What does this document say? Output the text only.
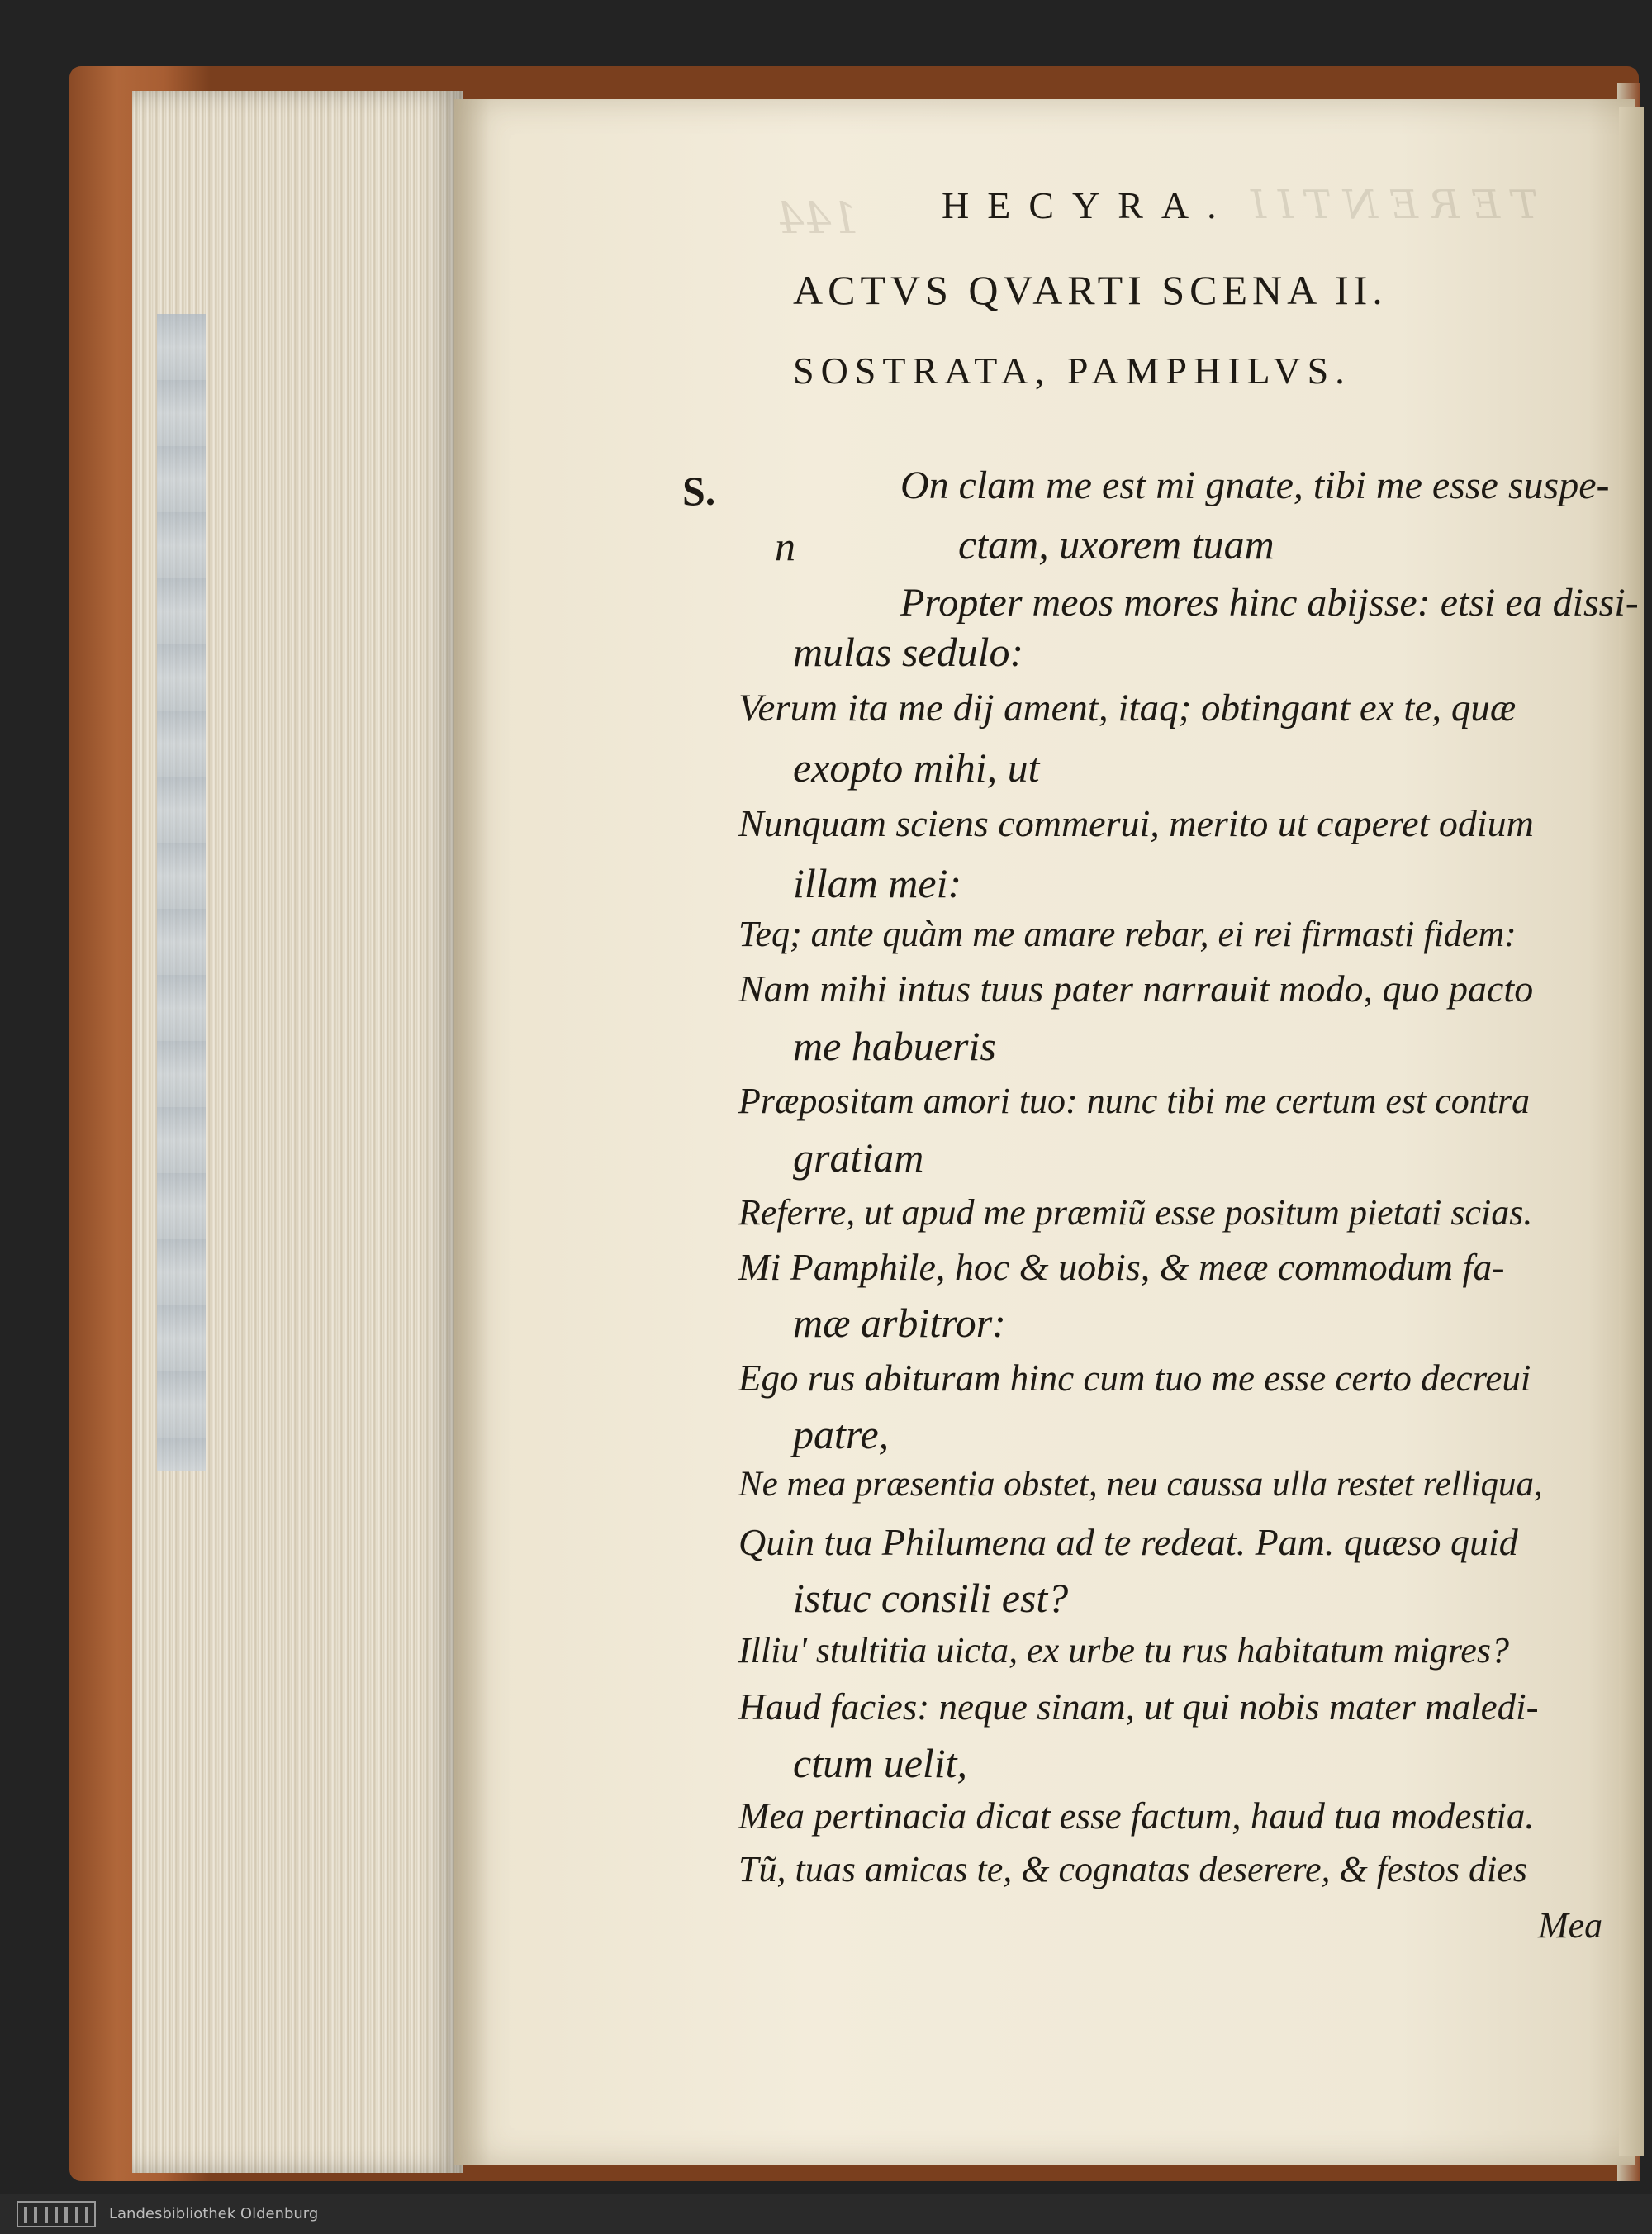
144	TERENTII
HECYRA.
ACTVS QVARTI SCENA II.
SOSTRATA, PAMPHILVS.
S.	On clam me est mi gnate, tibi me esse suspe-
n	ctam, uxorem tuam
Propter meos mores hinc abijsse: etsi ea dissi-
mulas sedulo:
Verum ita me dij ament, itaq; obtingant ex te, quæ
exopto mihi, ut
Nunquam sciens commerui, merito ut caperet odium
illam mei:
Teq; ante quàm me amare rebar, ei rei firmasti fidem:
Nam mihi intus tuus pater narrauit modo, quo pacto
me habueris
Præpositam amori tuo: nunc tibi me certum est contra
gratiam
Referre, ut apud me præmiũ esse positum pietati scias.
Mi Pamphile, hoc & uobis, & meæ commodum fa-
mæ arbitror:
Ego rus abituram hinc cum tuo me esse certo decreui
patre,
Ne mea præsentia obstet, neu caussa ulla restet relliqua,
Quin tua Philumena ad te redeat. Pam. quæso quid
istuc consili est?
Illiu' stultitia uicta, ex urbe tu rus habitatum migres?
Haud facies: neque sinam, ut qui nobis mater maledi-
ctum uelit,
Mea pertinacia dicat esse factum, haud tua modestia.
Tũ, tuas amicas te, & cognatas deserere, & festos dies
Mea
Landesbibliothek Oldenburg
